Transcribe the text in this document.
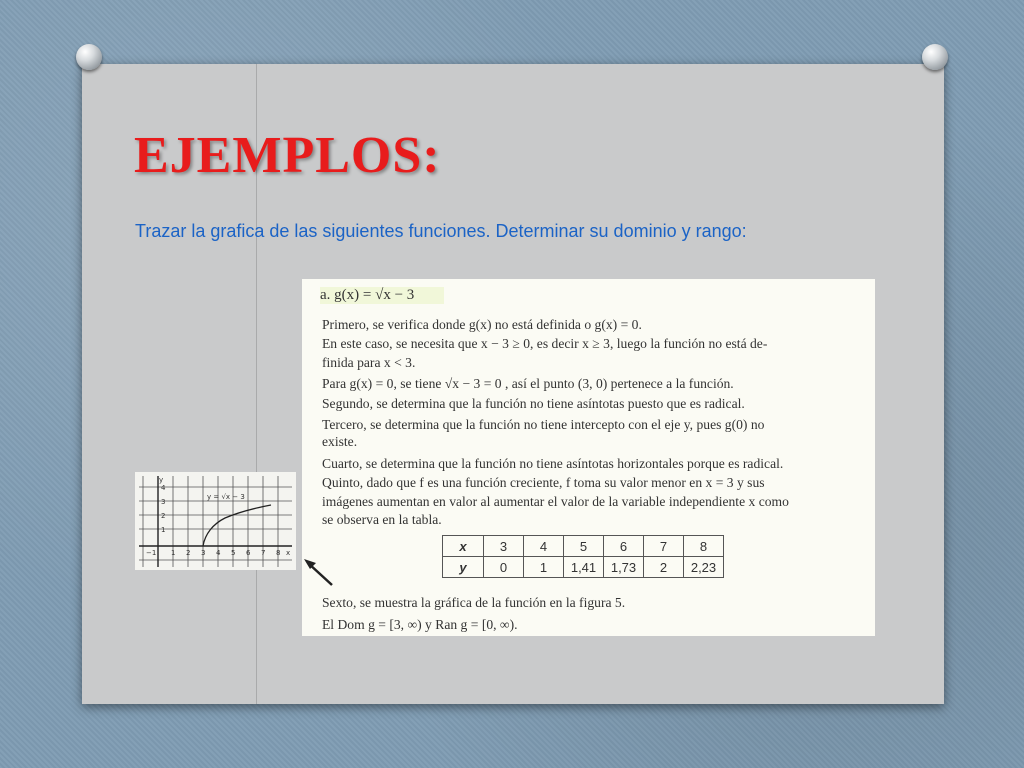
EJEMPLOS:
Trazar la grafica de las siguientes funciones. Determinar su dominio y rango:
a. g(x) = √x − 3
Primero, se verifica donde g(x) no está definida o g(x) = 0.
En este caso, se necesita que x − 3 ≥ 0, es decir x ≥ 3, luego la función no está de-
finida para x < 3.
Para g(x) = 0, se tiene √x − 3 = 0 , así el punto (3, 0) pertenece a la función.
Segundo, se determina que la función no tiene asíntotas puesto que es radical.
Tercero, se determina que la función no tiene intercepto con el eje y, pues g(0) no
existe.
Cuarto, se determina que la función no tiene asíntotas horizontales porque es radical.
Quinto, dado que f es una función creciente, f toma su valor menor en x = 3 y sus
imágenes aumentan en valor al aumentar el valor de la variable independiente x como
se observa en la tabla.
x	3	4	5	6	7	8
y	0	1	1,41	1,73	2	2,23
Sexto, se muestra la gráfica de la función en la figura 5.
El Dom g = [3, ∞) y Ran g = [0, ∞).
y
4
3
2
1
−1 1 2 3 4 5 6 7 8 x
y = √x − 3
